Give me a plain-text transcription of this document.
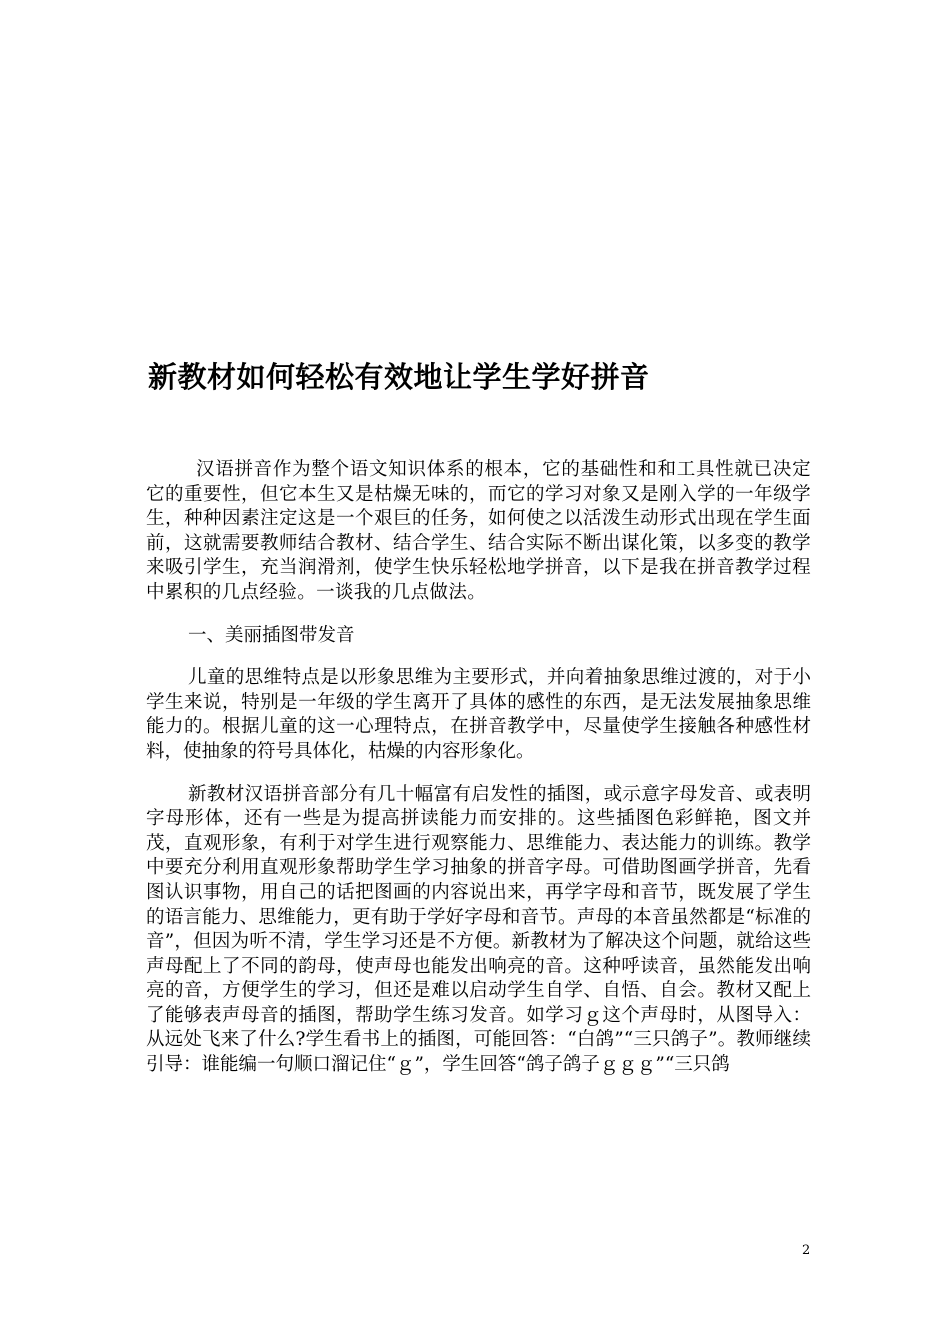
新教材如何轻松有效地让学生学好拼音

汉语拼音作为整个语文知识体系的根本，它的基础性和和工具性就已决定它的重要性，但它本生又是枯燥无味的，而它的学习对象又是刚入学的一年级学生，种种因素注定这是一个艰巨的任务，如何使之以活泼生动形式出现在学生面前，这就需要教师结合教材、结合学生、结合实际不断出谋化策，以多变的教学来吸引学生，充当润滑剂，使学生快乐轻松地学拼音，以下是我在拼音教学过程中累积的几点经验。一谈我的几点做法。

一、美丽插图带发音

儿童的思维特点是以形象思维为主要形式，并向着抽象思维过渡的，对于小学生来说，特别是一年级的学生离开了具体的感性的东西，是无法发展抽象思维能力的。根据儿童的这一心理特点，在拼音教学中，尽量使学生接触各种感性材料，使抽象的符号具体化，枯燥的内容形象化。

新教材汉语拼音部分有几十幅富有启发性的插图，或示意字母发音、或表明字母形体，还有一些是为提高拼读能力而安排的。这些插图色彩鲜艳，图文并茂，直观形象，有利于对学生进行观察能力、思维能力、表达能力的训练。教学中要充分利用直观形象帮助学生学习抽象的拼音字母。可借助图画学拼音，先看图认识事物，用自己的话把图画的内容说出来，再学字母和音节，既发展了学生的语言能力、思维能力，更有助于学好字母和音节。声母的本音虽然都是“标准的音”，但因为听不清，学生学习还是不方便。新教材为了解决这个问题，就给这些声母配上了不同的韵母，使声母也能发出响亮的音。这种呼读音，虽然能发出响亮的音，方便学生的学习，但还是难以启动学生自学、自悟、自会。教材又配上了能够表声母音的插图，帮助学生练习发音。如学习ｇ这个声母时，从图导入：从远处飞来了什么?学生看书上的插图，可能回答：“白鸽”“三只鸽子”。教师继续引导：谁能编一句顺口溜记住“ｇ”，学生回答“鸽子鸽子ｇｇｇ”“三只鸽

2
